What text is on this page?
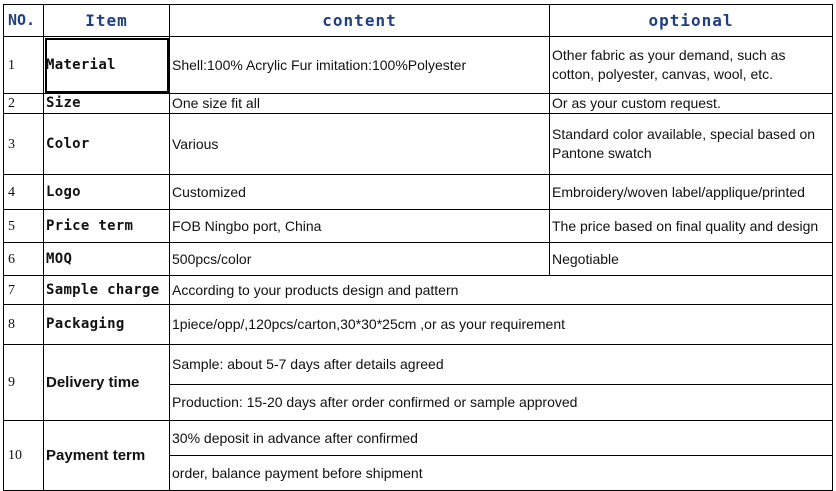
NO.	Item	content	optional
1	Material	Shell:100% Acrylic Fur imitation:100%Polyester	Other fabric as your demand, such as cotton, polyester, canvas, wool, etc.
2	Size	One size fit all	Or as your custom request.
3	Color	Various	Standard color available, special based on Pantone swatch
4	Logo	Customized	Embroidery/woven label/applique/printed
5	Price term	FOB Ningbo port, China	The price based on final quality and design
6	MOQ	500pcs/color	Negotiable
7	Sample charge	According to your products design and pattern	
8	Packaging	1piece/opp/,120pcs/carton,30*30*25cm ,or as your requirement	
9	Delivery time	Sample: about 5-7 days after details agreed	
		Production: 15-20 days after order confirmed or sample approved	
10	Payment term	30% deposit in advance after confirmed	
		order, balance payment before shipment	
